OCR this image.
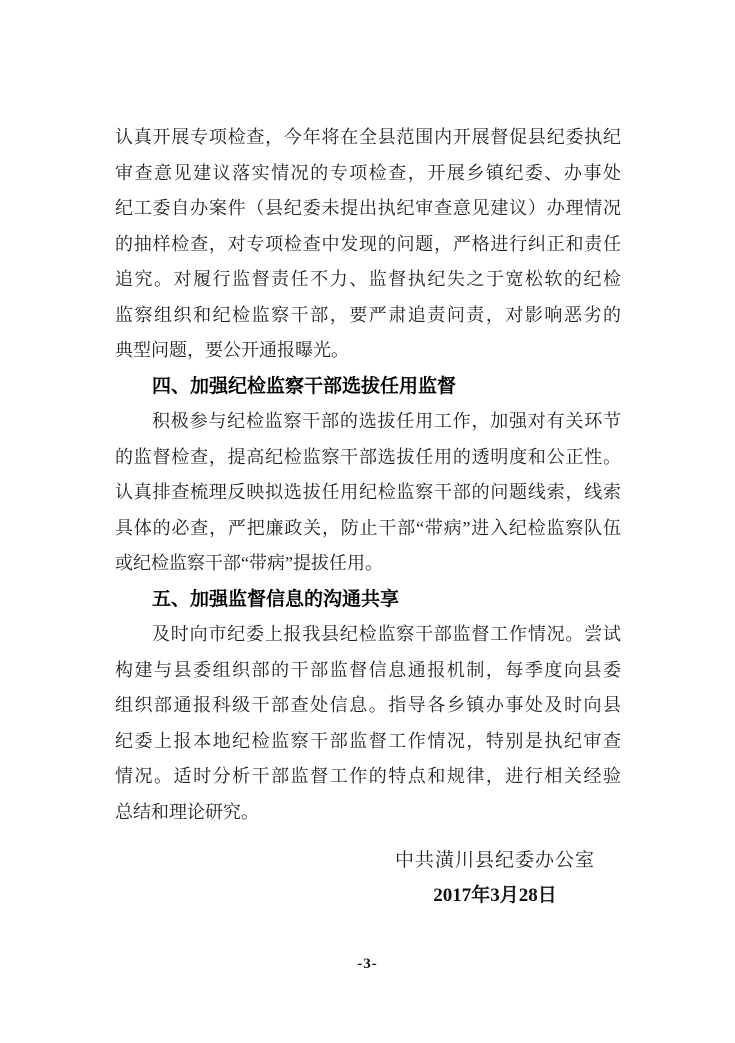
认真开展专项检查，今年将在全县范围内开展督促县纪委执纪
审查意见建议落实情况的专项检查，开展乡镇纪委、办事处
纪工委自办案件（县纪委未提出执纪审查意见建议）办理情况
的抽样检查，对专项检查中发现的问题，严格进行纠正和责任
追究。对履行监督责任不力、监督执纪失之于宽松软的纪检
监察组织和纪检监察干部，要严肃追责问责，对影响恶劣的
典型问题，要公开通报曝光。
四、加强纪检监察干部选拔任用监督
积极参与纪检监察干部的选拔任用工作，加强对有关环节
的监督检查，提高纪检监察干部选拔任用的透明度和公正性。
认真排查梳理反映拟选拔任用纪检监察干部的问题线索，线索
具体的必查，严把廉政关，防止干部“带病”进入纪检监察队伍
或纪检监察干部“带病”提拔任用。
五、加强监督信息的沟通共享
及时向市纪委上报我县纪检监察干部监督工作情况。尝试
构建与县委组织部的干部监督信息通报机制，每季度向县委
组织部通报科级干部查处信息。指导各乡镇办事处及时向县
纪委上报本地纪检监察干部监督工作情况，特别是执纪审查
情况。适时分析干部监督工作的特点和规律，进行相关经验
总结和理论研究。
中共潢川县纪委办公室
2017年3月28日
-3-
